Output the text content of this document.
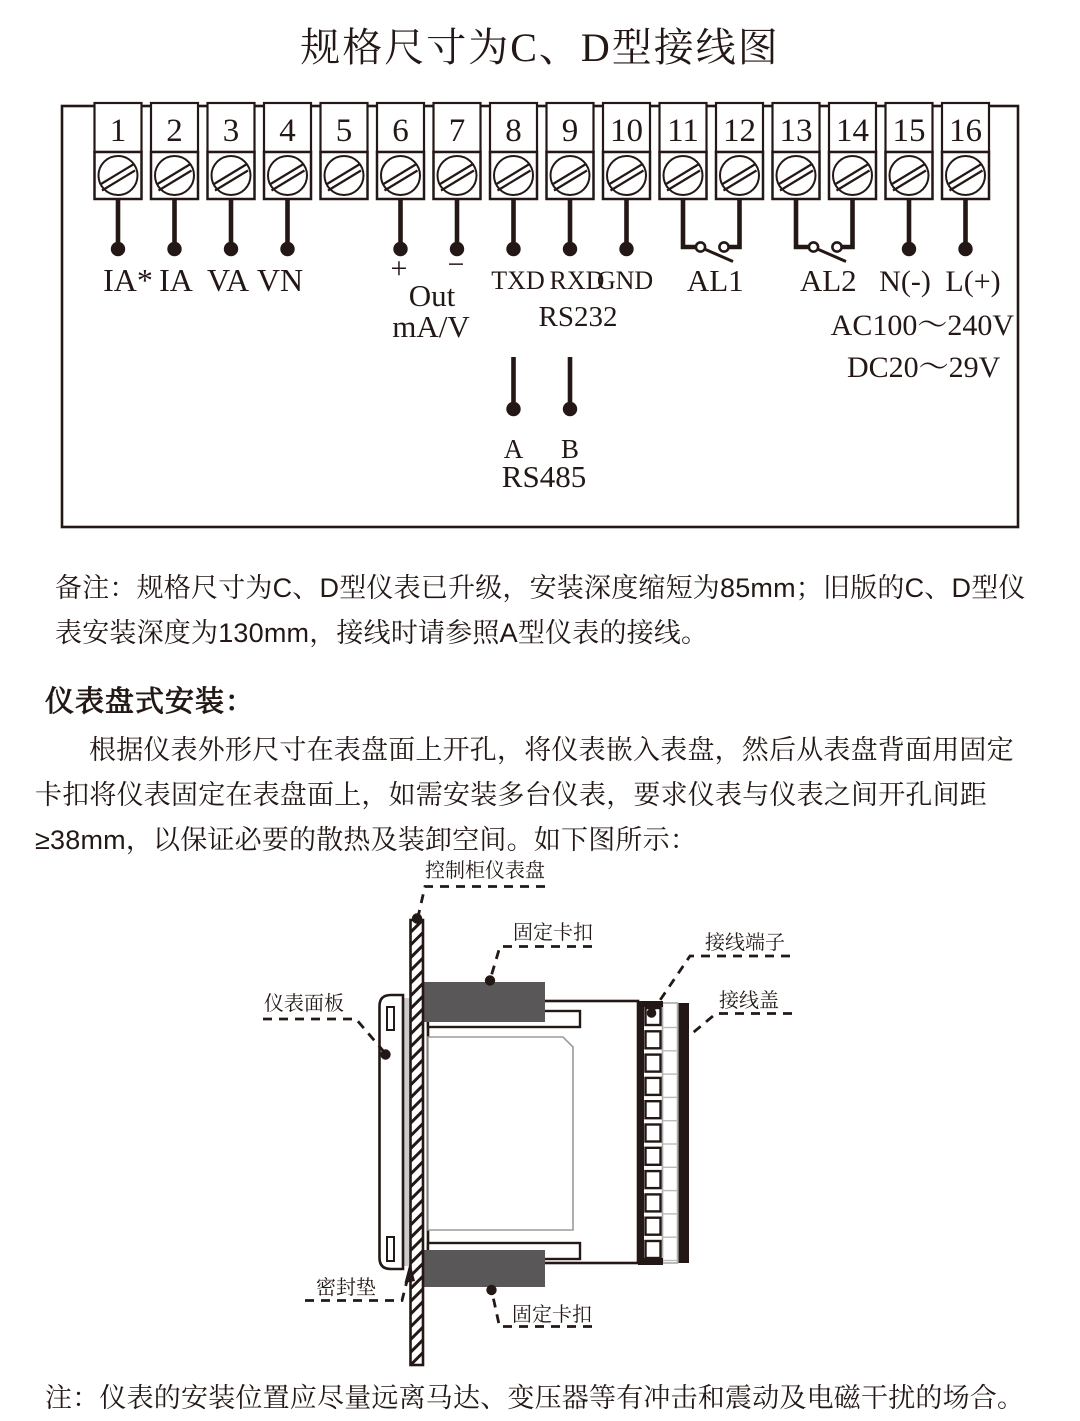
规格尺寸为C、D型接线图
1 2 3 4 5 6 7 8 9 10 11 12 13 14 15 16
AL1 AL2
IA* IA VA VN	+ −
Out
mA/V
TXD RXD
GND
RS232
N(-) L(+)
AC100～240V
DC20～29V
A B
RS485

备注：规格尺寸为C、D型仪表已升级，安装深度缩短为85mm；旧版的C、D型仪表安装深度为130mm，接线时请参照A型仪表的接线。

仪表盘式安装：

根据仪表外形尺寸在表盘面上开孔，将仪表嵌入表盘，然后从表盘背面用固定卡扣将仪表固定在表盘面上，如需安装多台仪表，要求仪表与仪表之间开孔间距≥38mm，以保证必要的散热及装卸空间。如下图所示：

控制柜仪表盘
固定卡扣	接线端子
接线盖
仪表面板
密封垫
固定卡扣

注：仪表的安装位置应尽量远离马达、变压器等有冲击和震动及电磁干扰的场合。
